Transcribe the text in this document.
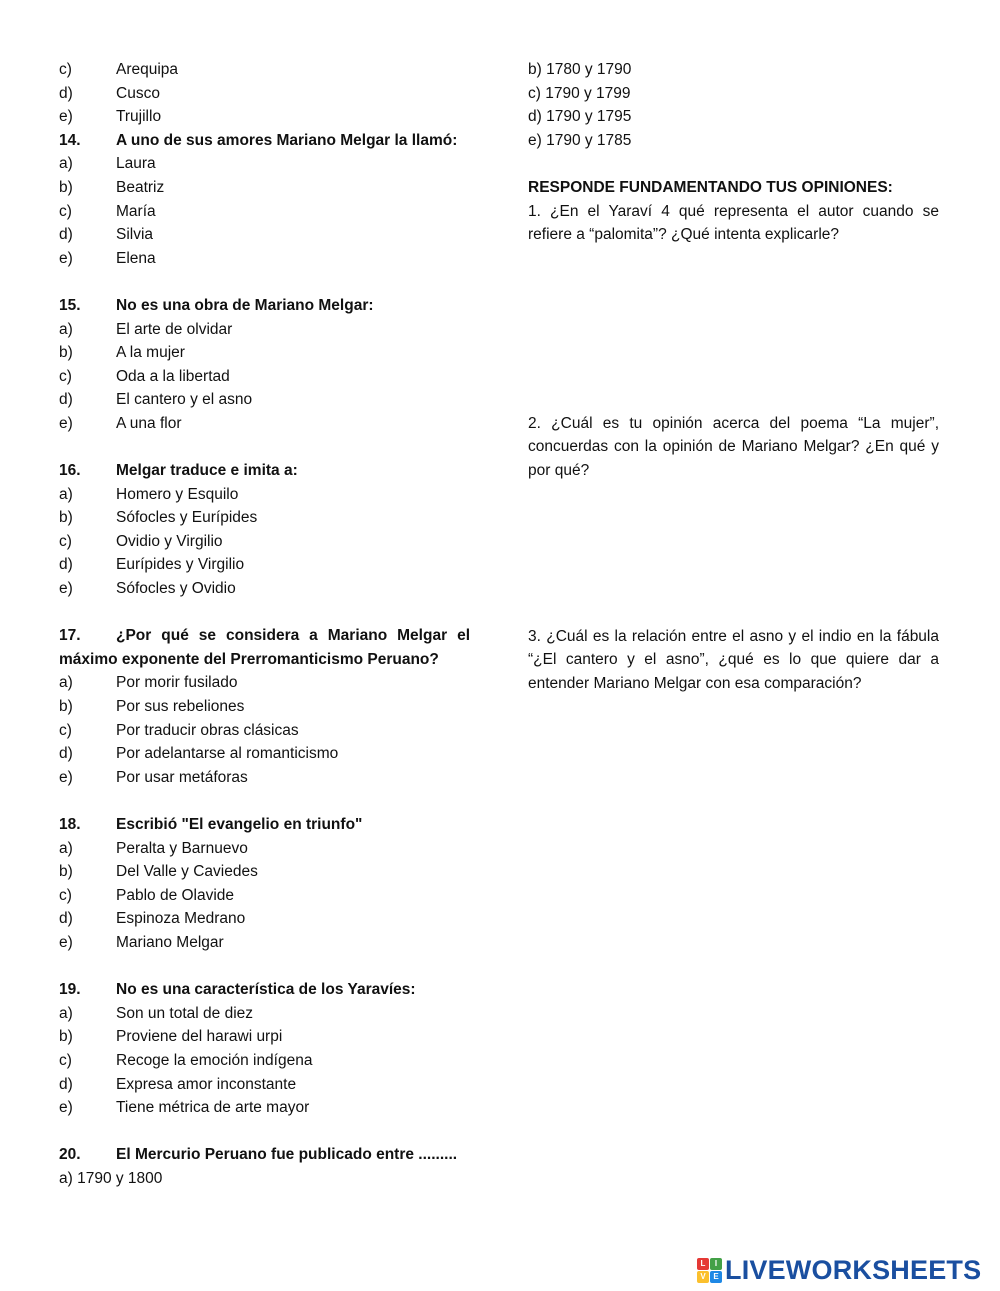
c)	Arequipa
d)	Cusco
e)	Trujillo
14. A uno de sus amores Mariano Melgar la llamó:
a)	Laura
b)	Beatriz
c)	María
d)	Silvia
e)	Elena
15. No es una obra de Mariano Melgar:
a)	El arte de olvidar
b)	A la mujer
c)	Oda a la libertad
d)	El cantero y el asno
e)	A una flor
16. Melgar traduce e imita a:
a)	Homero y Esquilo
b)	Sófocles y Eurípides
c)	Ovidio y Virgilio
d)	Eurípides y Virgilio
e)	Sófocles y Ovidio
17. ¿Por qué se considera a Mariano Melgar el máximo exponente del Prerromanticismo Peruano?
a)	Por morir fusilado
b)	Por sus rebeliones
c)	Por traducir obras clásicas
d)	Por adelantarse al romanticismo
e)	Por usar metáforas
18. Escribió "El evangelio en triunfo"
a)	Peralta y Barnuevo
b)	Del Valle y Caviedes
c)	Pablo de Olavide
d)	Espinoza Medrano
e)	Mariano Melgar
19. No es una característica de los Yaravíes:
a)	Son un total de diez
b)	Proviene del harawi urpi
c)	Recoge la emoción indígena
d)	Expresa amor inconstante
e)	Tiene métrica de arte mayor
20. El Mercurio Peruano fue publicado entre .........
a) 1790 y 1800
b) 1780 y 1790
c) 1790 y 1799
d) 1790 y 1795
e) 1790 y 1785
RESPONDE FUNDAMENTANDO TUS OPINIONES:
1. ¿En el Yaraví 4 qué representa el autor cuando se refiere a “palomita”? ¿Qué intenta explicarle?
2. ¿Cuál es tu opinión acerca del poema “La mujer”, concuerdas con la opinión de Mariano Melgar? ¿En qué y por qué?
3. ¿Cuál es la relación entre el asno y el indio en la fábula “¿El cantero y el asno”, ¿qué es lo que quiere dar a entender Mariano Melgar con esa comparación?
L	I
V E LIVEWORKSHEETS
